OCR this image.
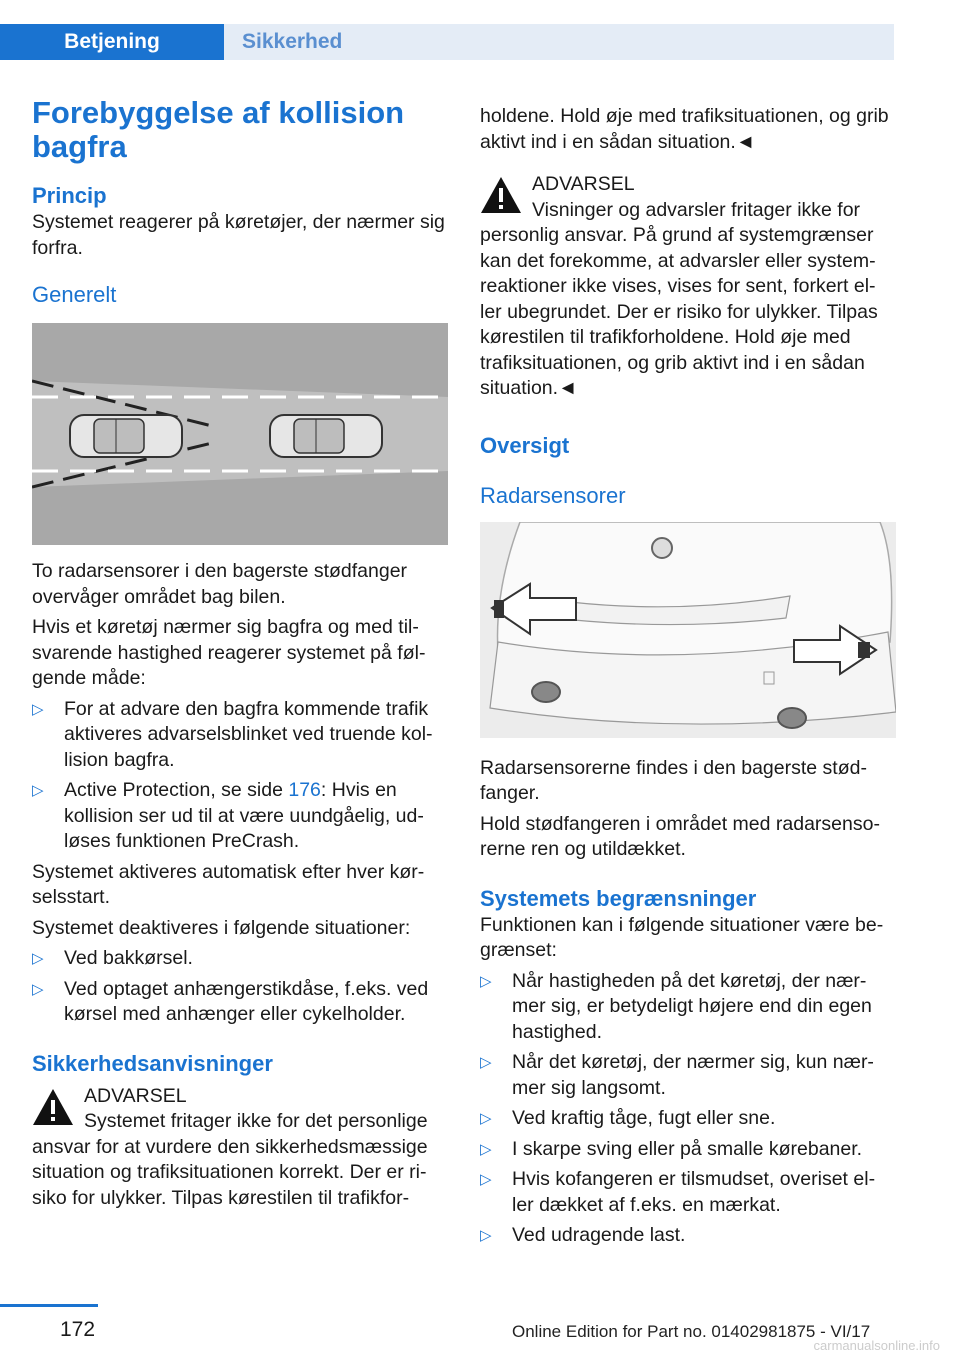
Betjening	Sikkerhed
Forebyggelse af kollision bagfra
Princip

Systemet reagerer på køretøjer, der nærmer sig forfra.

Generelt

To radarsensorer i den bagerste stødfanger overvåger området bag bilen.

Hvis et køretøj nærmer sig bagfra og med til- svarende hastighed reagerer systemet på føl- gende måde:

▷ For at advare den bagfra kommende trafik aktiveres advarselsblinket ved truende kol- lision bagfra.
▷ Active Protection, se side 176: Hvis en kollision ser ud til at være uundgåelig, ud- løses funktionen PreCrash.

Systemet aktiveres automatisk efter hver kør- selsstart.

Systemet deaktiveres i følgende situationer:

▷ Ved bakkørsel.
▷ Ved optaget anhængerstikdåse, f.eks. ved kørsel med anhænger eller cykelholder.
Sikkerhedsanvisninger
ADVARSEL
Systemet fritager ikke for det personlige

ansvar for at vurdere den sikkerhedsmæssige situation og trafiksituationen korrekt. Der er ri- siko for ulykker. Tilpas kørestilen til trafikfor-

holdene. Hold øje med trafiksituationen, og grib aktivt ind i en sådan situation.◄

ADVARSEL
Visninger og advarsler fritager ikke for

personlig ansvar. På grund af systemgrænser kan det forekomme, at advarsler eller system- reaktioner ikke vises, vises for sent, forkert el- ler ubegrundet. Der er risiko for ulykker. Tilpas kørestilen til trafikforholdene. Hold øje med trafiksituationen, og grib aktivt ind i en sådan situation.◄

Oversigt
Radarsensorer

Radarsensorerne findes i den bagerste stød- fanger.

Hold stødfangeren i området med radarsenso- rerne ren og utildækket.

Systemets begrænsninger

Funktionen kan i følgende situationer være be- grænset:

▷ Når hastigheden på det køretøj, der nær- mer sig, er betydeligt højere end din egen hastighed.
▷ Når det køretøj, der nærmer sig, kun nær- mer sig langsomt.
▷ Ved kraftig tåge, fugt eller sne.
▷ I skarpe sving eller på smalle kørebaner.
▷ Hvis kofangeren er tilsmudset, overiset el- ler dækket af f.eks. en mærkat.
▷ Ved udragende last.
172	Online Edition for Part no. 01402981875 - VI/17
carmanualsonline.info
